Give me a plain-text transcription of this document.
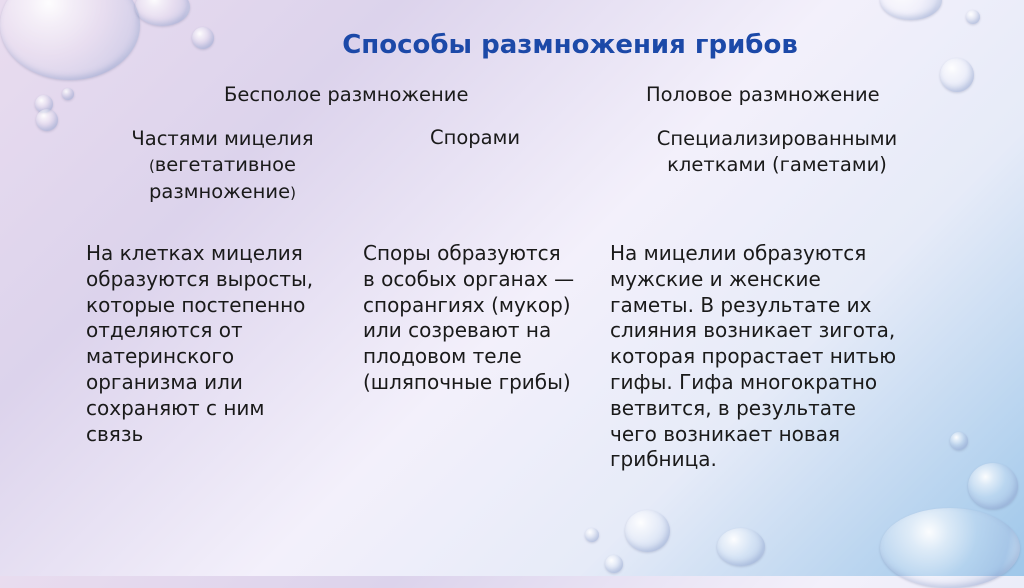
Способы размножения грибов
Бесполое размножение	Половое размножение
Частями мицелия
(вегетативное
размножение)
Спорами	Специализированными
клетками (гаметами)
На клетках мицелия
образуются выросты,
которые постепенно
отделяются от
материнского
организма или
сохраняют с ним
связь
Споры образуются
в особых органах —
спорангиях (мукор)
или созревают на
плодовом теле
(шляпочные грибы)
На мицелии образуются
мужские и женские
гаметы. В результате их
слияния возникает зигота,
которая прорастает нитью
гифы. Гифа многократно
ветвится, в результате
чего возникает новая
грибница.
